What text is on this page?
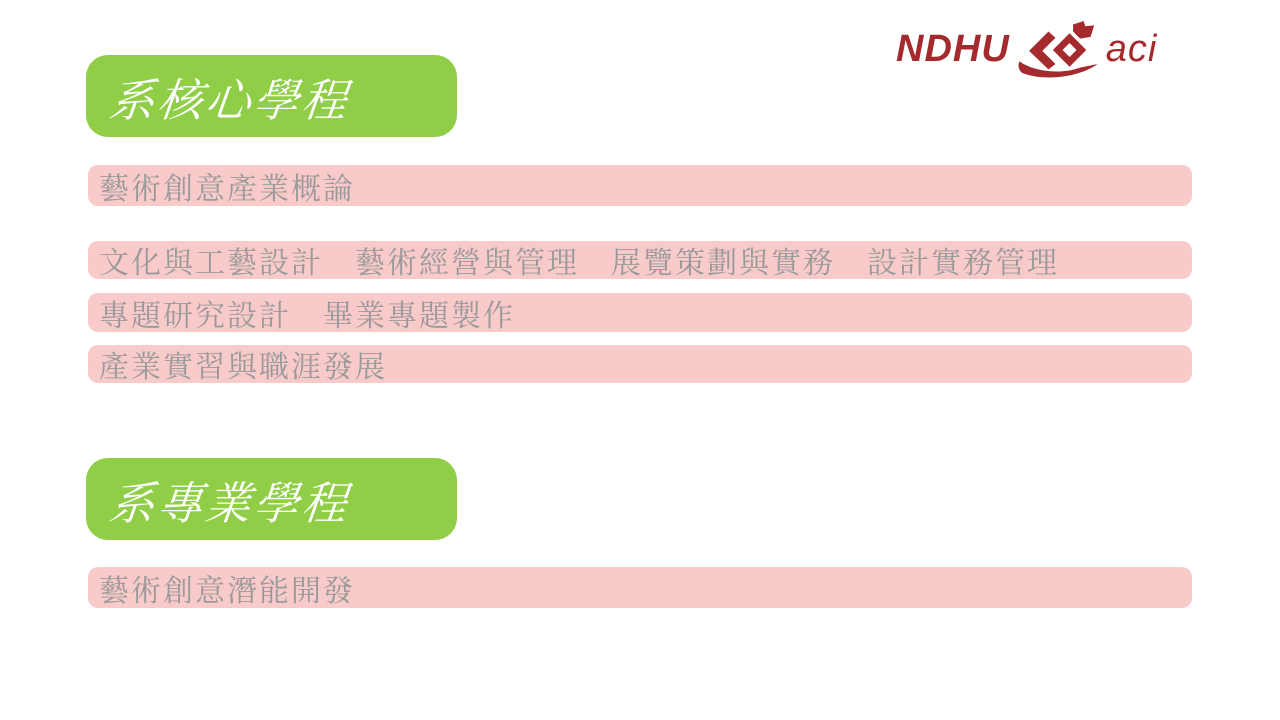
NDHU	aci
系核心學程
藝術創意產業概論
文化與工藝設計　藝術經營與管理　展覽策劃與實務　設計實務管理
專題研究設計　畢業專題製作
產業實習與職涯發展
系專業學程
藝術創意潛能開發
